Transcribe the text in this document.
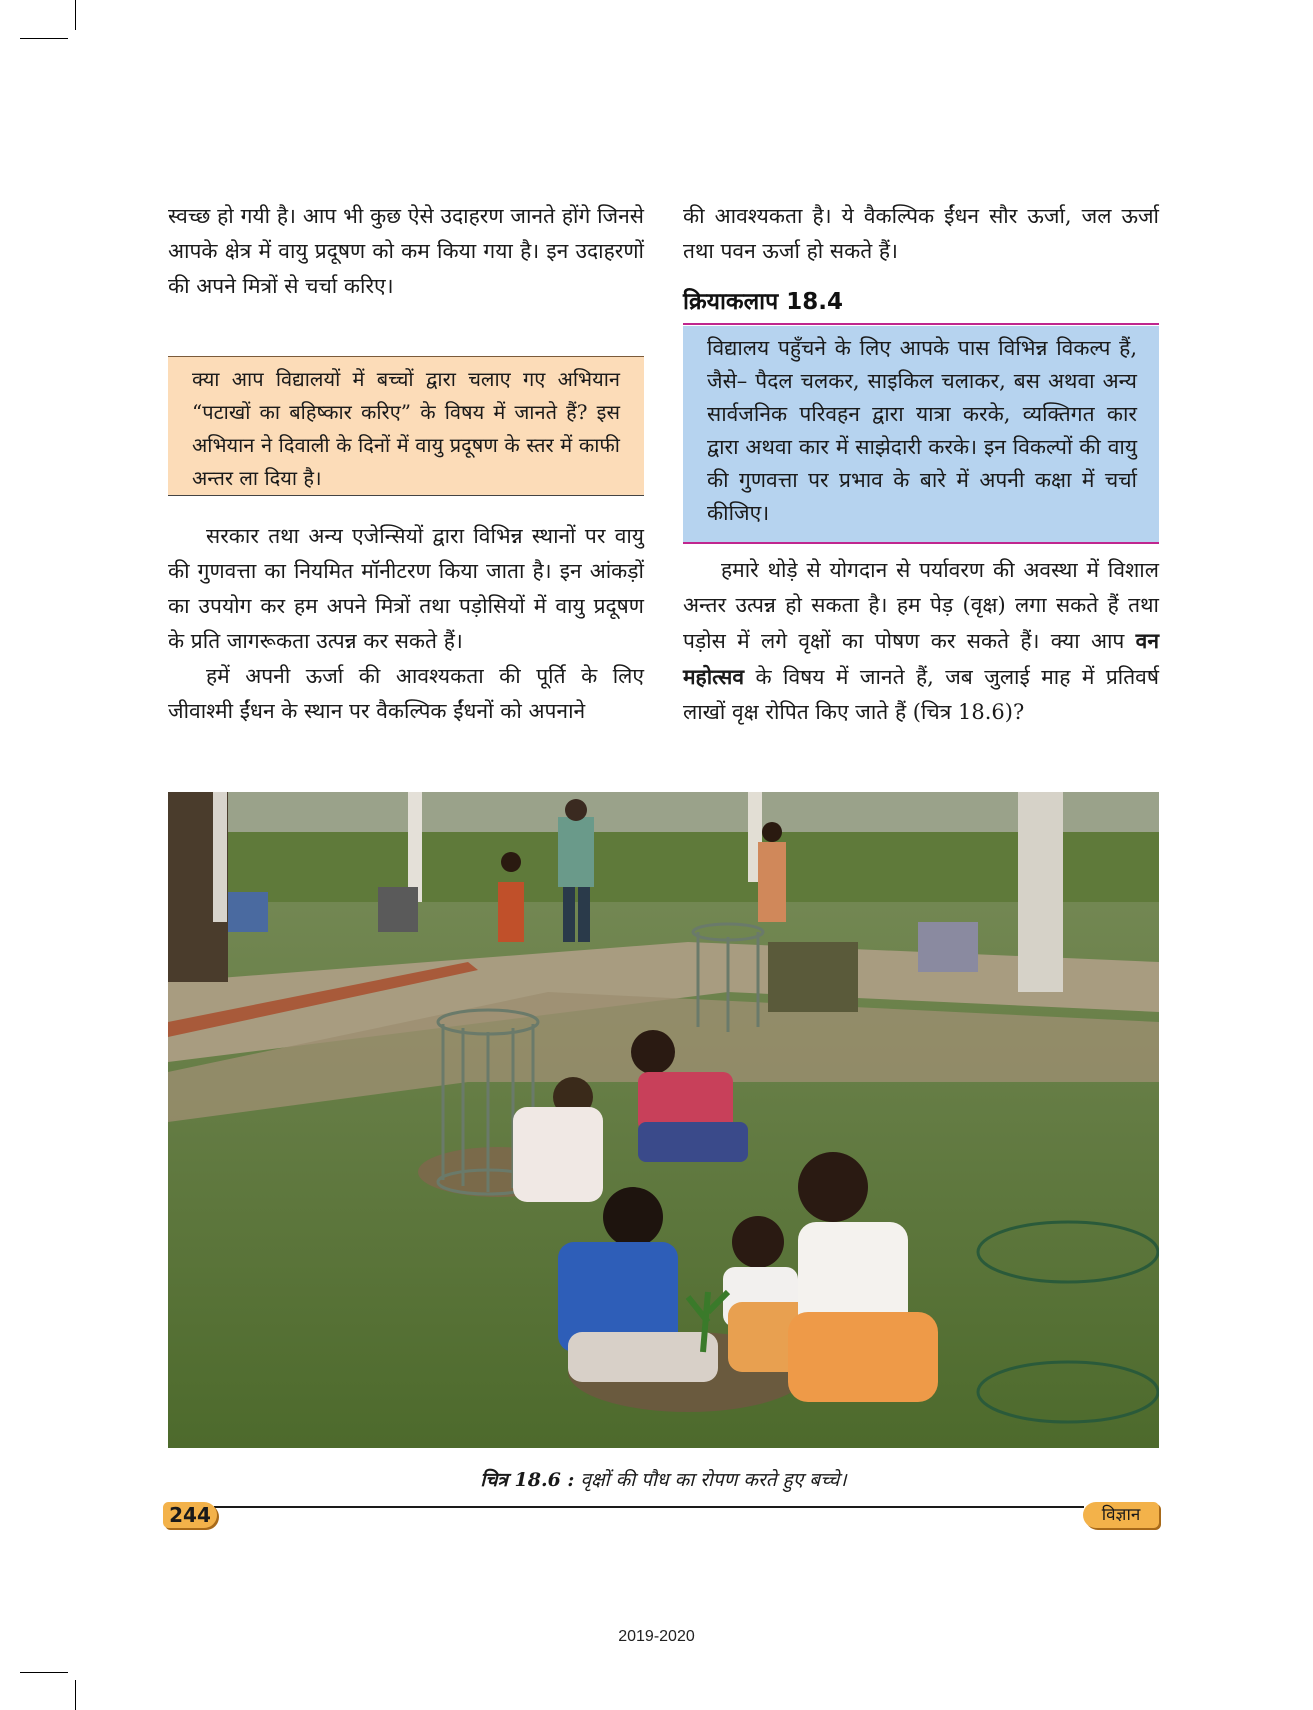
स्वच्छ हो गयी है। आप भी कुछ ऐसे उदाहरण जानते होंगे जिनसे आपके क्षेत्र में वायु प्रदूषण को कम किया गया है। इन उदाहरणों की अपने मित्रों से चर्चा करिए।

क्या आप विद्यालयों में बच्चों द्वारा चलाए गए अभियान “पटाखों का बहिष्कार करिए” के विषय में जानते हैं? इस अभियान ने दिवाली के दिनों में वायु प्रदूषण के स्तर में काफी अन्तर ला दिया है।

सरकार तथा अन्य एजेन्सियों द्वारा विभिन्न स्थानों पर वायु की गुणवत्ता का नियमित मॉनीटरण किया जाता है। इन आंकड़ों का उपयोग कर हम अपने मित्रों तथा पड़ोसियों में वायु प्रदूषण के प्रति जागरूकता उत्पन्न कर सकते हैं।

हमें अपनी ऊर्जा की आवश्यकता की पूर्ति के लिए जीवाश्मी ईंधन के स्थान पर वैकल्पिक ईंधनों को अपनाने

की आवश्यकता है। ये वैकल्पिक ईंधन सौर ऊर्जा, जल ऊर्जा तथा पवन ऊर्जा हो सकते हैं।

क्रियाकलाप 18.4
विद्यालय पहुँचने के लिए आपके पास विभिन्न विकल्प हैं, जैसे– पैदल चलकर, साइकिल चलाकर, बस अथवा अन्य सार्वजनिक परिवहन द्वारा यात्रा करके, व्यक्तिगत कार द्वारा अथवा कार में साझेदारी करके। इन विकल्पों की वायु की गुणवत्ता पर प्रभाव के बारे में अपनी कक्षा में चर्चा कीजिए।

हमारे थोड़े से योगदान से पर्यावरण की अवस्था में विशाल अन्तर उत्पन्न हो सकता है। हम पेड़ (वृक्ष) लगा सकते हैं तथा पड़ोस में लगे वृक्षों का पोषण कर सकते हैं। क्या आप वन महोत्सव के विषय में जानते हैं, जब जुलाई माह में प्रतिवर्ष लाखों वृक्ष रोपित किए जाते हैं (चित्र 18.6)?

चित्र 18.6 : वृक्षों की पौध का रोपण करते हुए बच्चे।
244	विज्ञान
2019-2020
